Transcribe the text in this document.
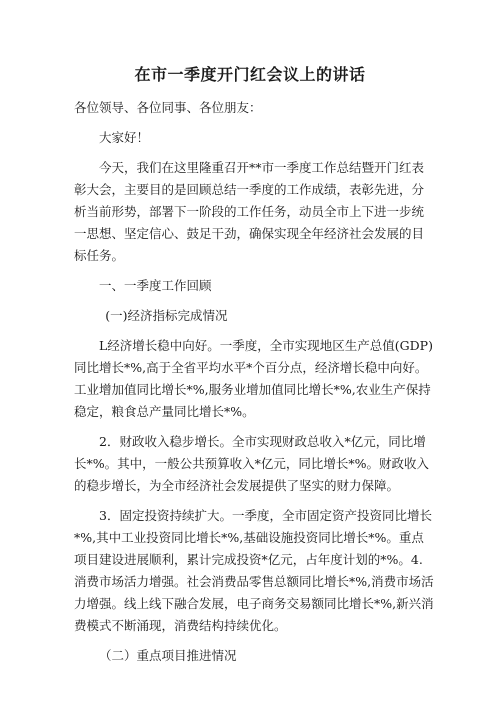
在市一季度开门红会议上的讲话

各位领导、各位同事、各位朋友：

大家好！

今天，我们在这里隆重召开**市一季度工作总结暨开门红表彰大会，主要目的是回顾总结一季度的工作成绩，表彰先进，分析当前形势，部署下一阶段的工作任务，动员全市上下进一步统一思想、坚定信心、鼓足干劲，确保实现全年经济社会发展的目标任务。

一、一季度工作回顾

(一)经济指标完成情况

L经济增长稳中向好。一季度，全市实现地区生产总值(GDP)同比增长*%,高于全省平均水平*个百分点，经济增长稳中向好。工业增加值同比增长*%,服务业增加值同比增长*%,农业生产保持稳定，粮食总产量同比增长*%。

2．财政收入稳步增长。全市实现财政总收入*亿元，同比增长*%。其中，一般公共预算收入*亿元，同比增长*%。财政收入的稳步增长，为全市经济社会发展提供了坚实的财力保障。

3．固定投资持续扩大。一季度，全市固定资产投资同比增长*%,其中工业投资同比增长*%,基础设施投资同比增长*%。重点项目建设进展顺利，累计完成投资*亿元，占年度计划的*%。4.消费市场活力增强。社会消费品零售总额同比增长*%,消费市场活力增强。线上线下融合发展，电子商务交易额同比增长*%,新兴消费模式不断涌现，消费结构持续优化。

（二）重点项目推进情况
